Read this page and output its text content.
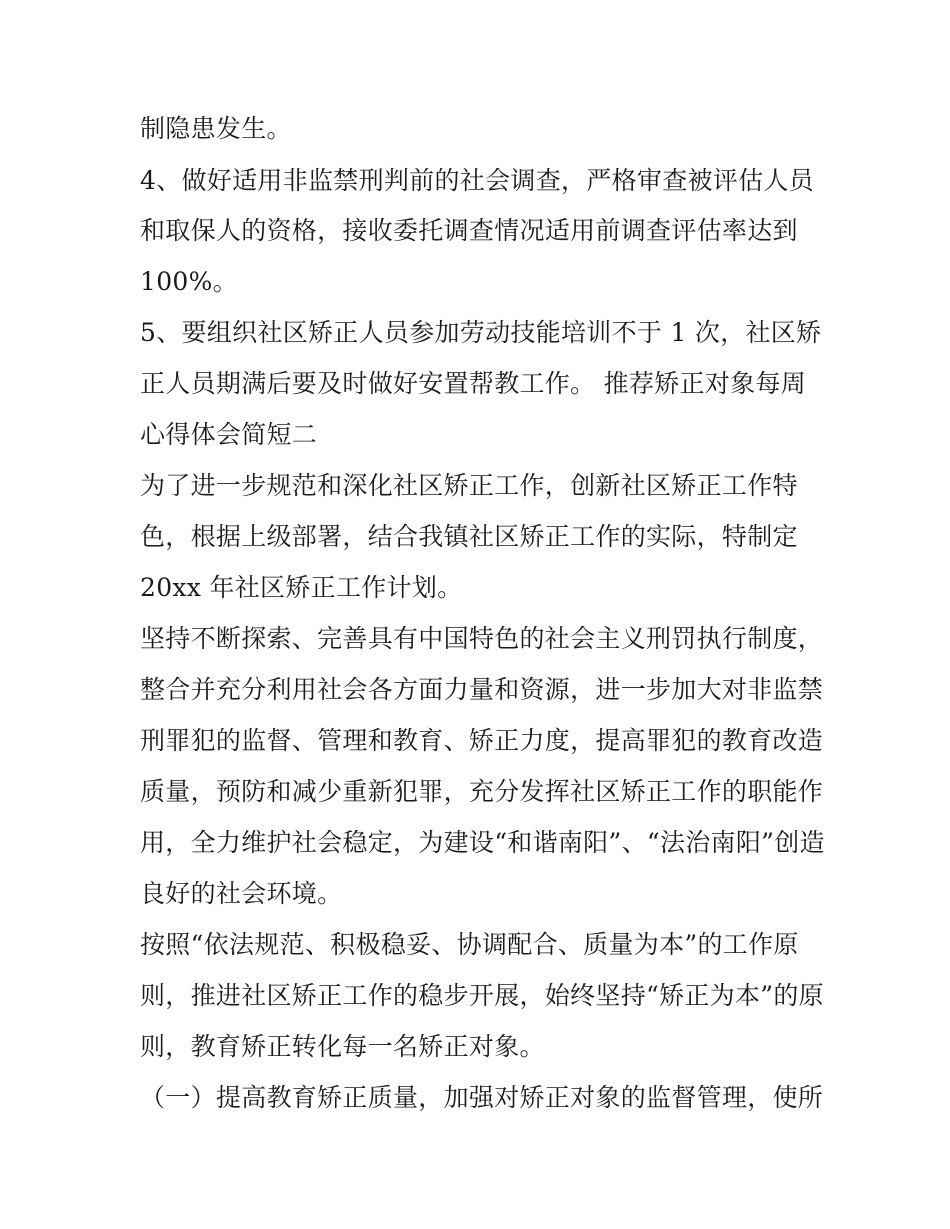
制隐患发生。
4、做好适用非监禁刑判前的社会调查，严格审查被评估人员
和取保人的资格，接收委托调查情况适用前调查评估率达到
100%。
5、要组织社区矫正人员参加劳动技能培训不于 1 次，社区矫
正人员期满后要及时做好安置帮教工作。 推荐矫正对象每周
心得体会简短二
为了进一步规范和深化社区矫正工作，创新社区矫正工作特
色，根据上级部署，结合我镇社区矫正工作的实际，特制定
20xx 年社区矫正工作计划。
坚持不断探索、完善具有中国特色的社会主义刑罚执行制度，
整合并充分利用社会各方面力量和资源，进一步加大对非监禁
刑罪犯的监督、管理和教育、矫正力度，提高罪犯的教育改造
质量，预防和减少重新犯罪，充分发挥社区矫正工作的职能作
用，全力维护社会稳定，为建设“和谐南阳”、“法治南阳”创造
良好的社会环境。
按照“依法规范、积极稳妥、协调配合、质量为本”的工作原
则，推进社区矫正工作的稳步开展，始终坚持“矫正为本”的原
则，教育矫正转化每一名矫正对象。
（一）提高教育矫正质量，加强对矫正对象的监督管理，使所
